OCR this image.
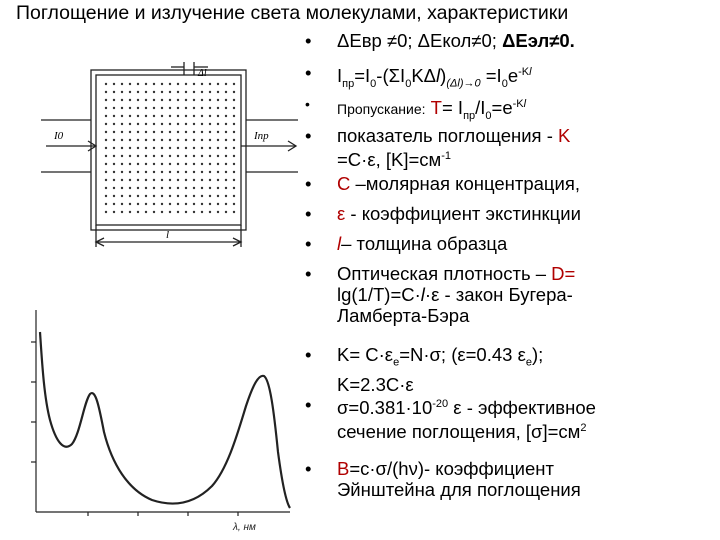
Поглощение и излучение света молекулами, характеристики
I0	Iпр
Δl
l
λ, нм
•	ΔЕвр ≠0; ΔЕкол≠0; ΔЕэл≠0.
•	$I_{пр}=I_0-(\Sigma I_0K\Delta l)_{(\Delta l)\to 0} =I_0e^{-Kl}$
•	Пропускание: $T= I_{пр}/I_0=e^{-Kl}$
•	показатель поглощения - K
=C·ε, $[K]=см^{-1}$
•	C –молярная концентрация,
•	ε - коэффициент экстинкции
•	l– толщина образца
•	Оптическая плотность – D=
lg(1/T)=C·l·ε - закон Бугера-
Ламберта-Бэра
•	$K= C\cdot\varepsilon_e=N\cdot\sigma$; (ε=0.43 $\varepsilon_e$);
K=2.3C·ε
•	$\sigma=0.381\cdot 10^{-20}$ ε - эффективное
сечение поглощения, $[\sigma]=см^2$
•	B=c·σ/(hν)- коэффициент
Эйнштейна для поглощения
